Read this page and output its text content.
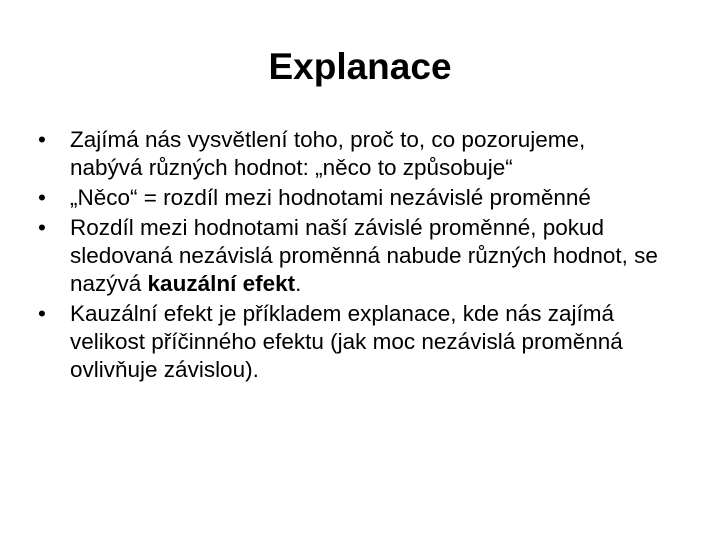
Explanace
•	Zajímá nás vysvětlení toho, proč to, co pozorujeme, nabývá různých hodnot: „něco to způsobuje“
•	„Něco“ = rozdíl mezi hodnotami nezávislé proměnné
•	Rozdíl mezi hodnotami naší závislé proměnné, pokud sledovaná nezávislá proměnná nabude různých hodnot, se nazývá kauzální efekt.
•	Kauzální efekt je příkladem explanace, kde nás zajímá velikost příčinného efektu (jak moc nezávislá proměnná ovlivňuje závislou).
